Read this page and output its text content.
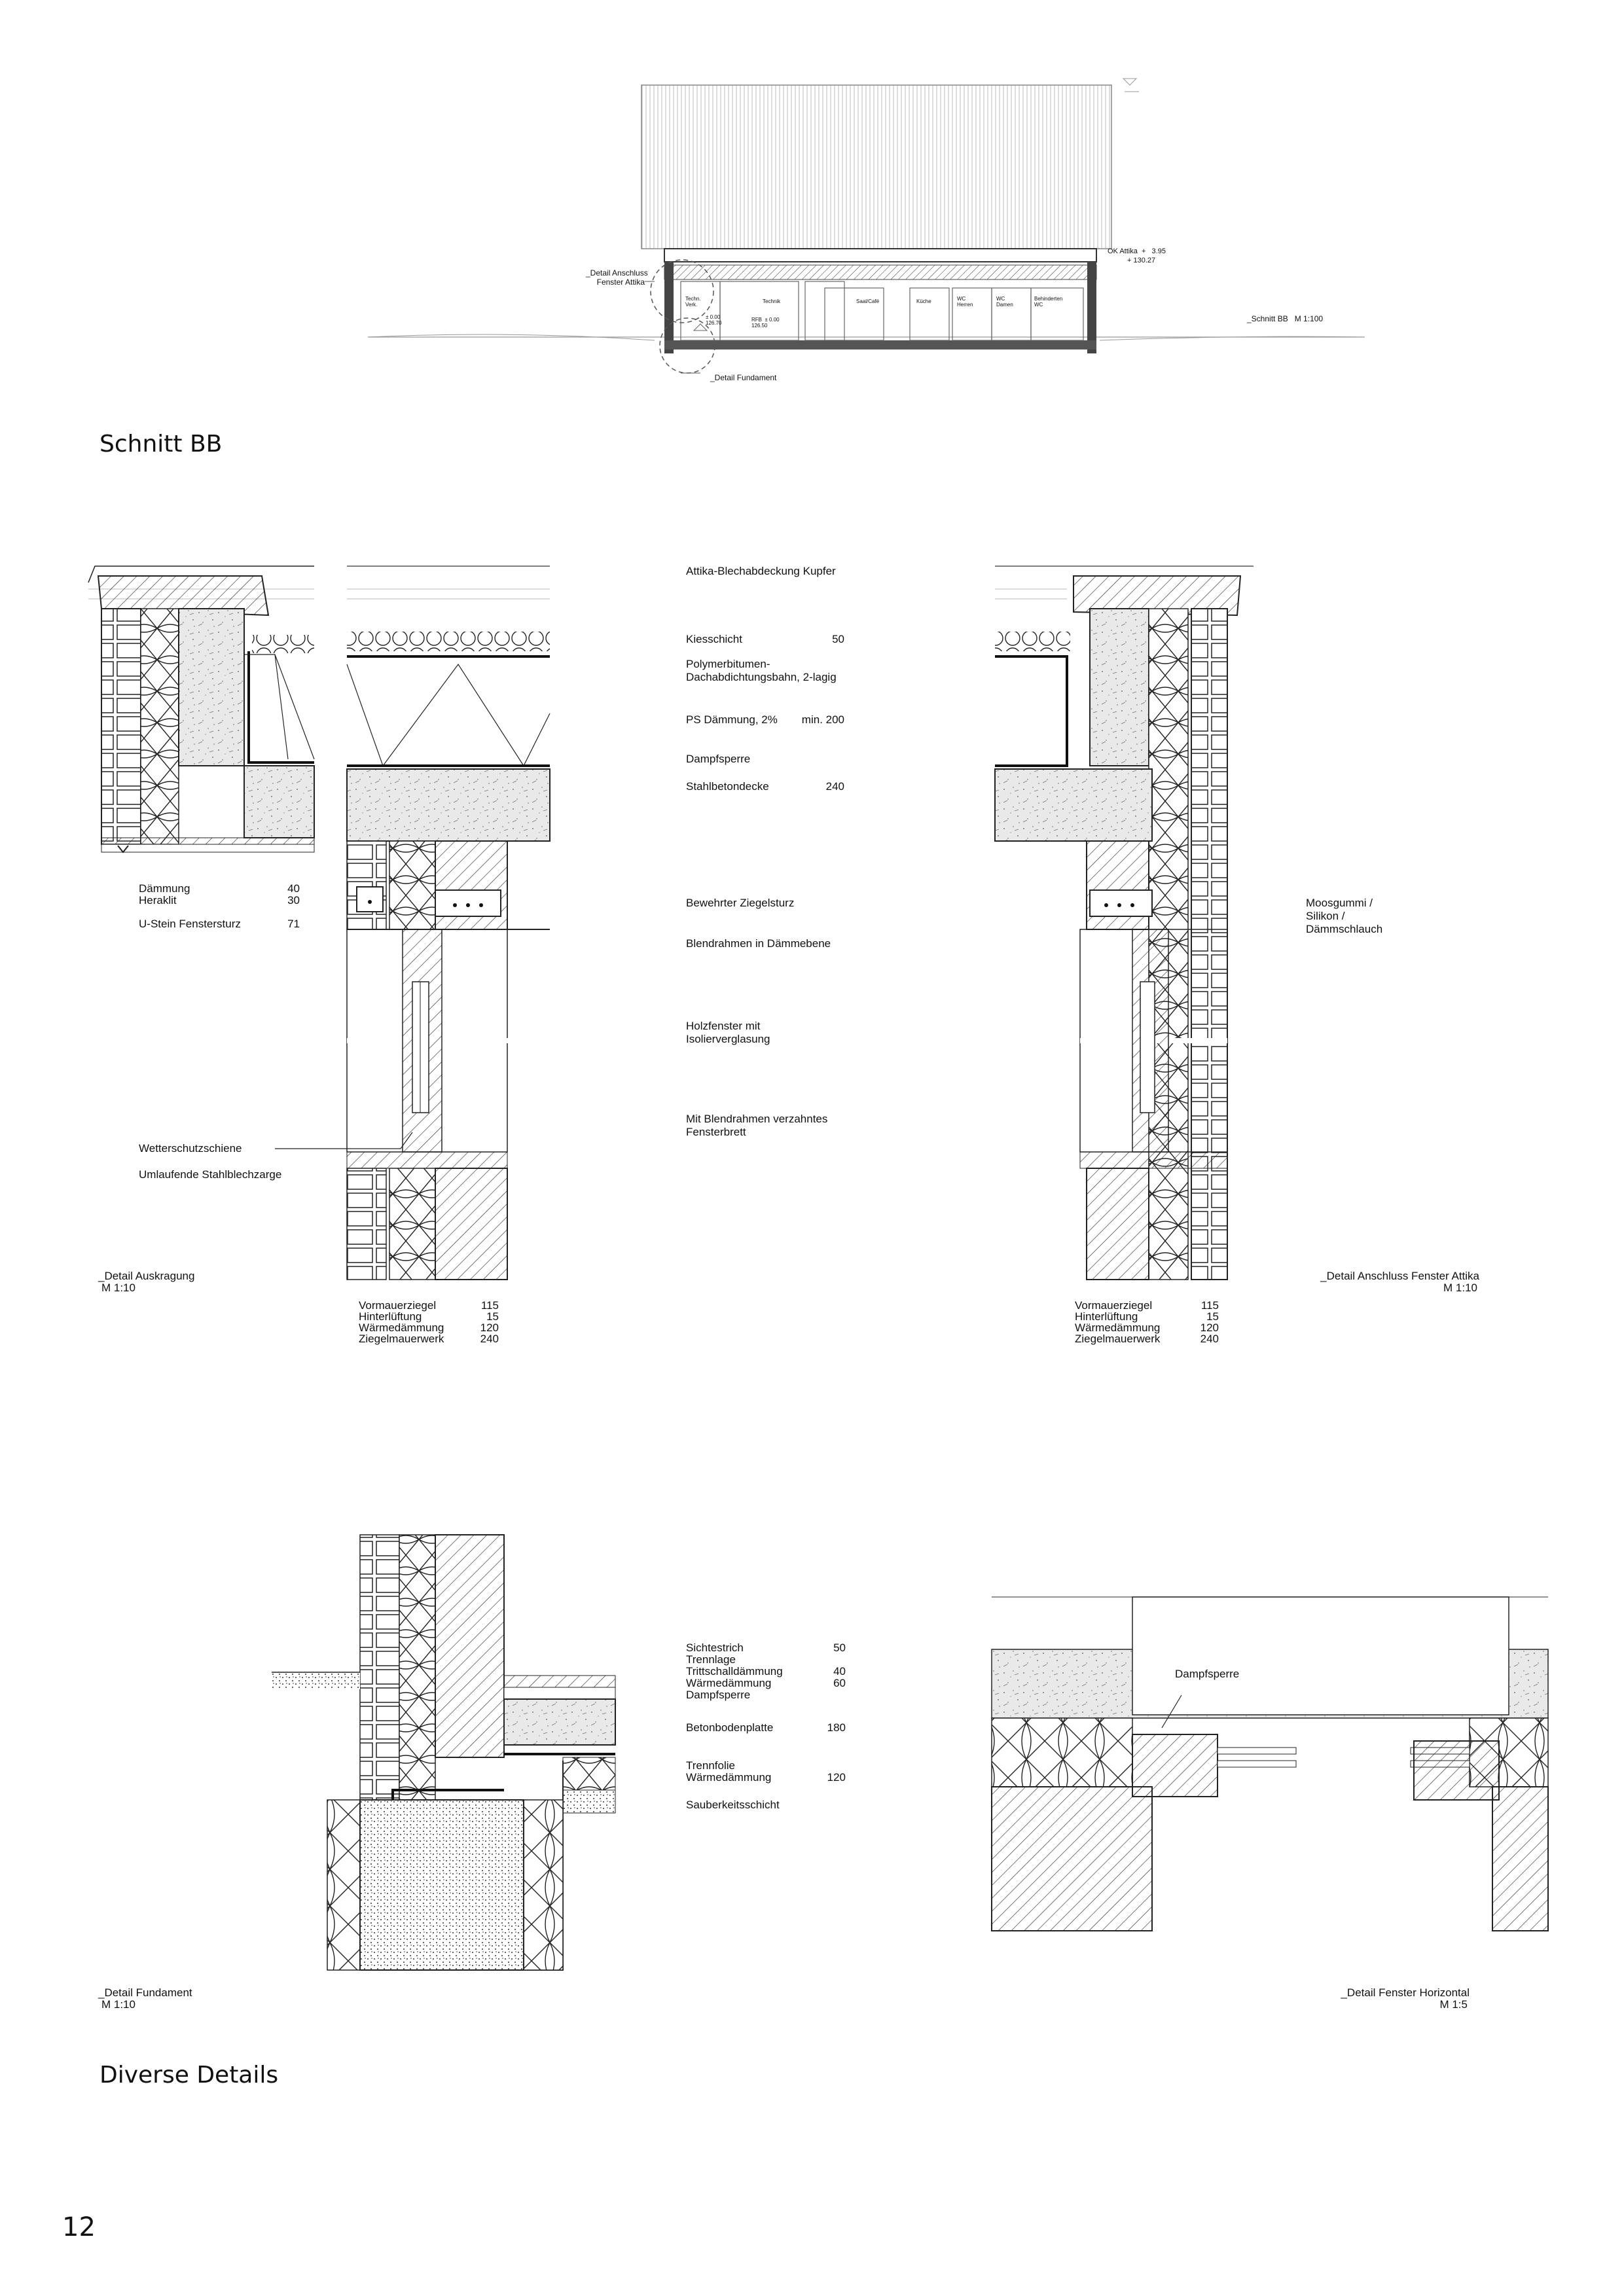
_Detail Anschluss
Fenster Attika
_Detail Fundament
OK Attika  +   3.95
+ 130.27
_Schnitt BB   M 1:100
Techn.
Verk.
Technik	Saal/Café	Küche	WC
Herren
WC
Damen
Behinderten
WC
± 0.00
126.70
RFB  ± 0.00
126.50
Schnitt BB
Dämmung	40
Heraklit	30
U-Stein Fenstersturz	71
Wetterschutzschiene
Umlaufende Stahlblechzarge
_Detail Auskragung
M 1:10
Attika-Blechabdeckung Kupfer
Kiesschicht	50
Polymerbitumen-
Dachabdichtungsbahn, 2-lagig
PS Dämmung, 2%	min. 200
Dampfsperre
Stahlbetondecke	240
Bewehrter Ziegelsturz
Blendrahmen in Dämmebene
Holzfenster mit
Isolierverglasung
Mit Blendrahmen verzahntes
Fensterbrett
Moosgummi /
Silikon /
Dämmschlauch
_Detail Anschluss Fenster Attika
M 1:10
Vormauerziegel	115
Hinterlüftung	15
Wärmedämmung	120
Ziegelmauerwerk	240
Vormauerziegel	115
Hinterlüftung	15
Wärmedämmung	120
Ziegelmauerwerk	240
Sichtestrich	50
Trennlage
Trittschalldämmung	40
Wärmedämmung	60
Dampfsperre
Betonbodenplatte	180
Trennfolie
Wärmedämmung	120
Sauberkeitsschicht
Dampfsperre
_Detail Fundament
M 1:10
_Detail Fenster Horizontal
M 1:5
Diverse Details
12
